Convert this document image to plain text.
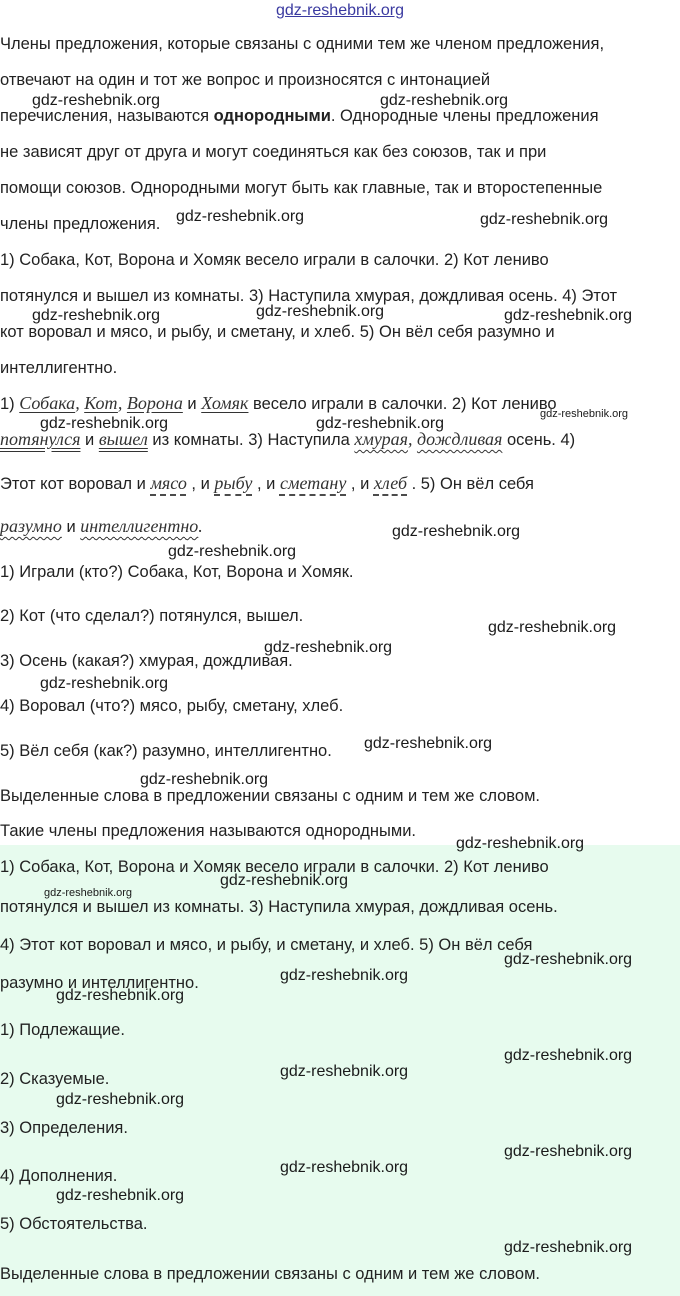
gdz-reshebnik.org
Члены предложения, которые связаны с одними тем же членом предложения,
отвечают на один и тот же вопрос и произносятся с интонацией
перечисления, называются однородными. Однородные члены предложения
не зависят друг от друга и могут соединяться как без союзов, так и при
помощи союзов. Однородными могут быть как главные, так и второстепенные
члены предложения.
1) Собака, Кот, Ворона и Хомяк весело играли в салочки. 2) Кот лениво
потянулся и вышел из комнаты. 3) Наступила хмурая, дождливая осень. 4) Этот
кот воровал и мясо, и рыбу, и сметану, и хлеб. 5) Он вёл себя разумно и
интеллигентно.
1) Собака, Кот, Ворона и Хомяк весело играли в салочки. 2) Кот лениво
потянулся и вышел из комнаты. 3) Наступила хмурая, дождливая осень. 4)
Этот кот воровал и мясо , и рыбу , и сметану , и хлеб . 5) Он вёл себя
разумно и интеллигентно.
1) Играли (кто?) Собака, Кот, Ворона и Хомяк.
2) Кот (что сделал?) потянулся, вышел.
3) Осень (какая?) хмурая, дождливая.
4) Воровал (что?) мясо, рыбу, сметану, хлеб.
5) Вёл себя (как?) разумно, интеллигентно.
Выделенные слова в предложении связаны с одним и тем же словом.
Такие члены предложения называются однородными.
1) Собака, Кот, Ворона и Хомяк весело играли в салочки. 2) Кот лениво
потянулся и вышел из комнаты. 3) Наступила хмурая, дождливая осень.
4) Этот кот воровал и мясо, и рыбу, и сметану, и хлеб. 5) Он вёл себя
разумно и интеллигентно.
1) Подлежащие.
2) Сказуемые.
3) Определения.
4) Дополнения.
5) Обстоятельства.
Выделенные слова в предложении связаны с одним и тем же словом.
gdz-reshebnik.org	gdz-reshebnik.org
gdz-reshebnik.org	gdz-reshebnik.org
gdz-reshebnik.org	gdz-reshebnik.org	gdz-reshebnik.org
gdz-reshebnik.org	gdz-reshebnik.org
gdz-reshebnik.org
gdz-reshebnik.org
gdz-reshebnik.org
gdz-reshebnik.org
gdz-reshebnik.org
gdz-reshebnik.org
gdz-reshebnik.org
gdz-reshebnik.org
gdz-reshebnik.org
gdz-reshebnik.org
gdz-reshebnik.org
gdz-reshebnik.org
gdz-reshebnik.org
gdz-reshebnik.org
gdz-reshebnik.org
gdz-reshebnik.org
gdz-reshebnik.org
gdz-reshebnik.org
gdz-reshebnik.org
gdz-reshebnik.org
gdz-reshebnik.org
